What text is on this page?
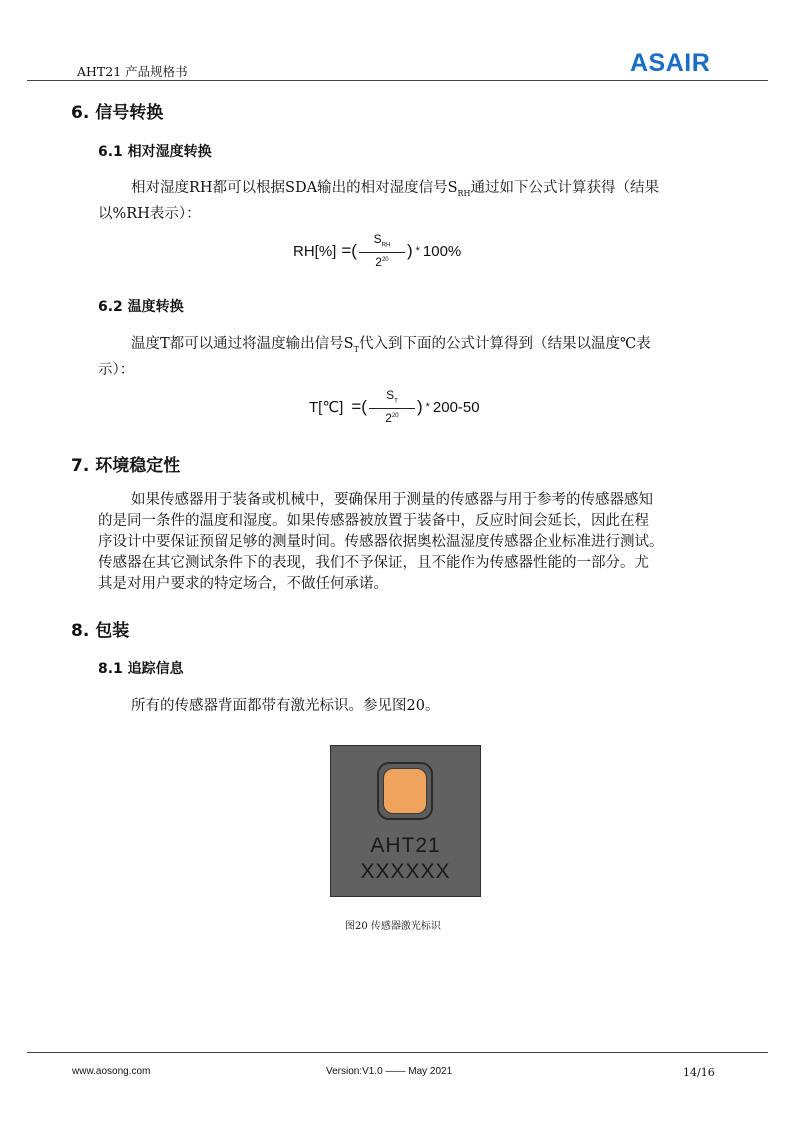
AHT21 产品规格书	ASAIR
6. 信号转换
6.1 相对湿度转换

相对湿度RH都可以根据SDA输出的相对湿度信号$S_{RH}$通过如下公式计算获得（结果
以%RH表示）：

RH[%] =( $\frac{S_{RH}}{2^{20}}$ ) * 100%
6.2 温度转换

温度T都可以通过将温度输出信号$S_T$代入到下面的公式计算得到（结果以温度℃表
示）：

T[℃] =( $\frac{S_T}{2^{20}}$ ) * 200-50
7. 环境稳定性

如果传感器用于装备或机械中，要确保用于测量的传感器与用于参考的传感器感知
的是同一条件的温度和湿度。如果传感器被放置于装备中，反应时间会延长，因此在程
序设计中要保证预留足够的测量时间。传感器依据奥松温湿度传感器企业标准进行测试。
传感器在其它测试条件下的表现，我们不予保证，且不能作为传感器性能的一部分。尤
其是对用户要求的特定场合，不做任何承诺。

8. 包装
8.1 追踪信息

所有的传感器背面都带有激光标识。参见图20。

AHT21
XXXXXX
图20 传感器激光标识
www.aosong.com	Version:V1.0 —— May 2021	14/16
